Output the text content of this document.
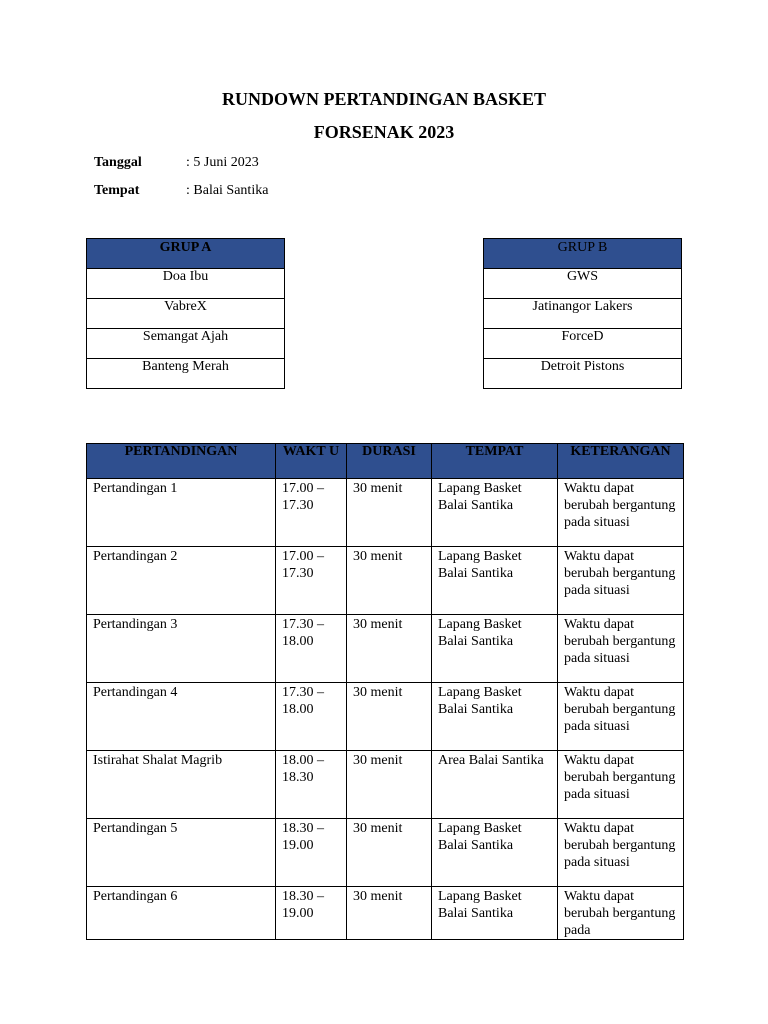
RUNDOWN PERTANDINGAN BASKET
FORSENAK 2023
Tanggal	: 5 Juni 2023
Tempat	: Balai Santika
GRUP A
Doa Ibu
VabreX
Semangat Ajah
Banteng Merah
GRUP B
GWS
Jatinangor Lakers
ForceD
Detroit Pistons
PERTANDINGAN	WAKT U	DURASI	TEMPAT	KETERANGAN
Pertandingan 1	17.00 – 17.30	30 menit	Lapang Basket Balai Santika	Waktu dapat berubah bergantung pada situasi
Pertandingan 2	17.00 – 17.30	30 menit	Lapang Basket Balai Santika	Waktu dapat berubah bergantung pada situasi
Pertandingan 3	17.30 – 18.00	30 menit	Lapang Basket Balai Santika	Waktu dapat berubah bergantung pada situasi
Pertandingan 4	17.30 – 18.00	30 menit	Lapang Basket Balai Santika	Waktu dapat berubah bergantung pada situasi
Istirahat Shalat Magrib	18.00 – 18.30	30 menit	Area Balai Santika	Waktu dapat berubah bergantung pada situasi
Pertandingan 5	18.30 – 19.00	30 menit	Lapang Basket Balai Santika	Waktu dapat berubah bergantung pada situasi
Pertandingan 6	18.30 – 19.00	30 menit	Lapang Basket Balai Santika	Waktu dapat berubah bergantung pada
